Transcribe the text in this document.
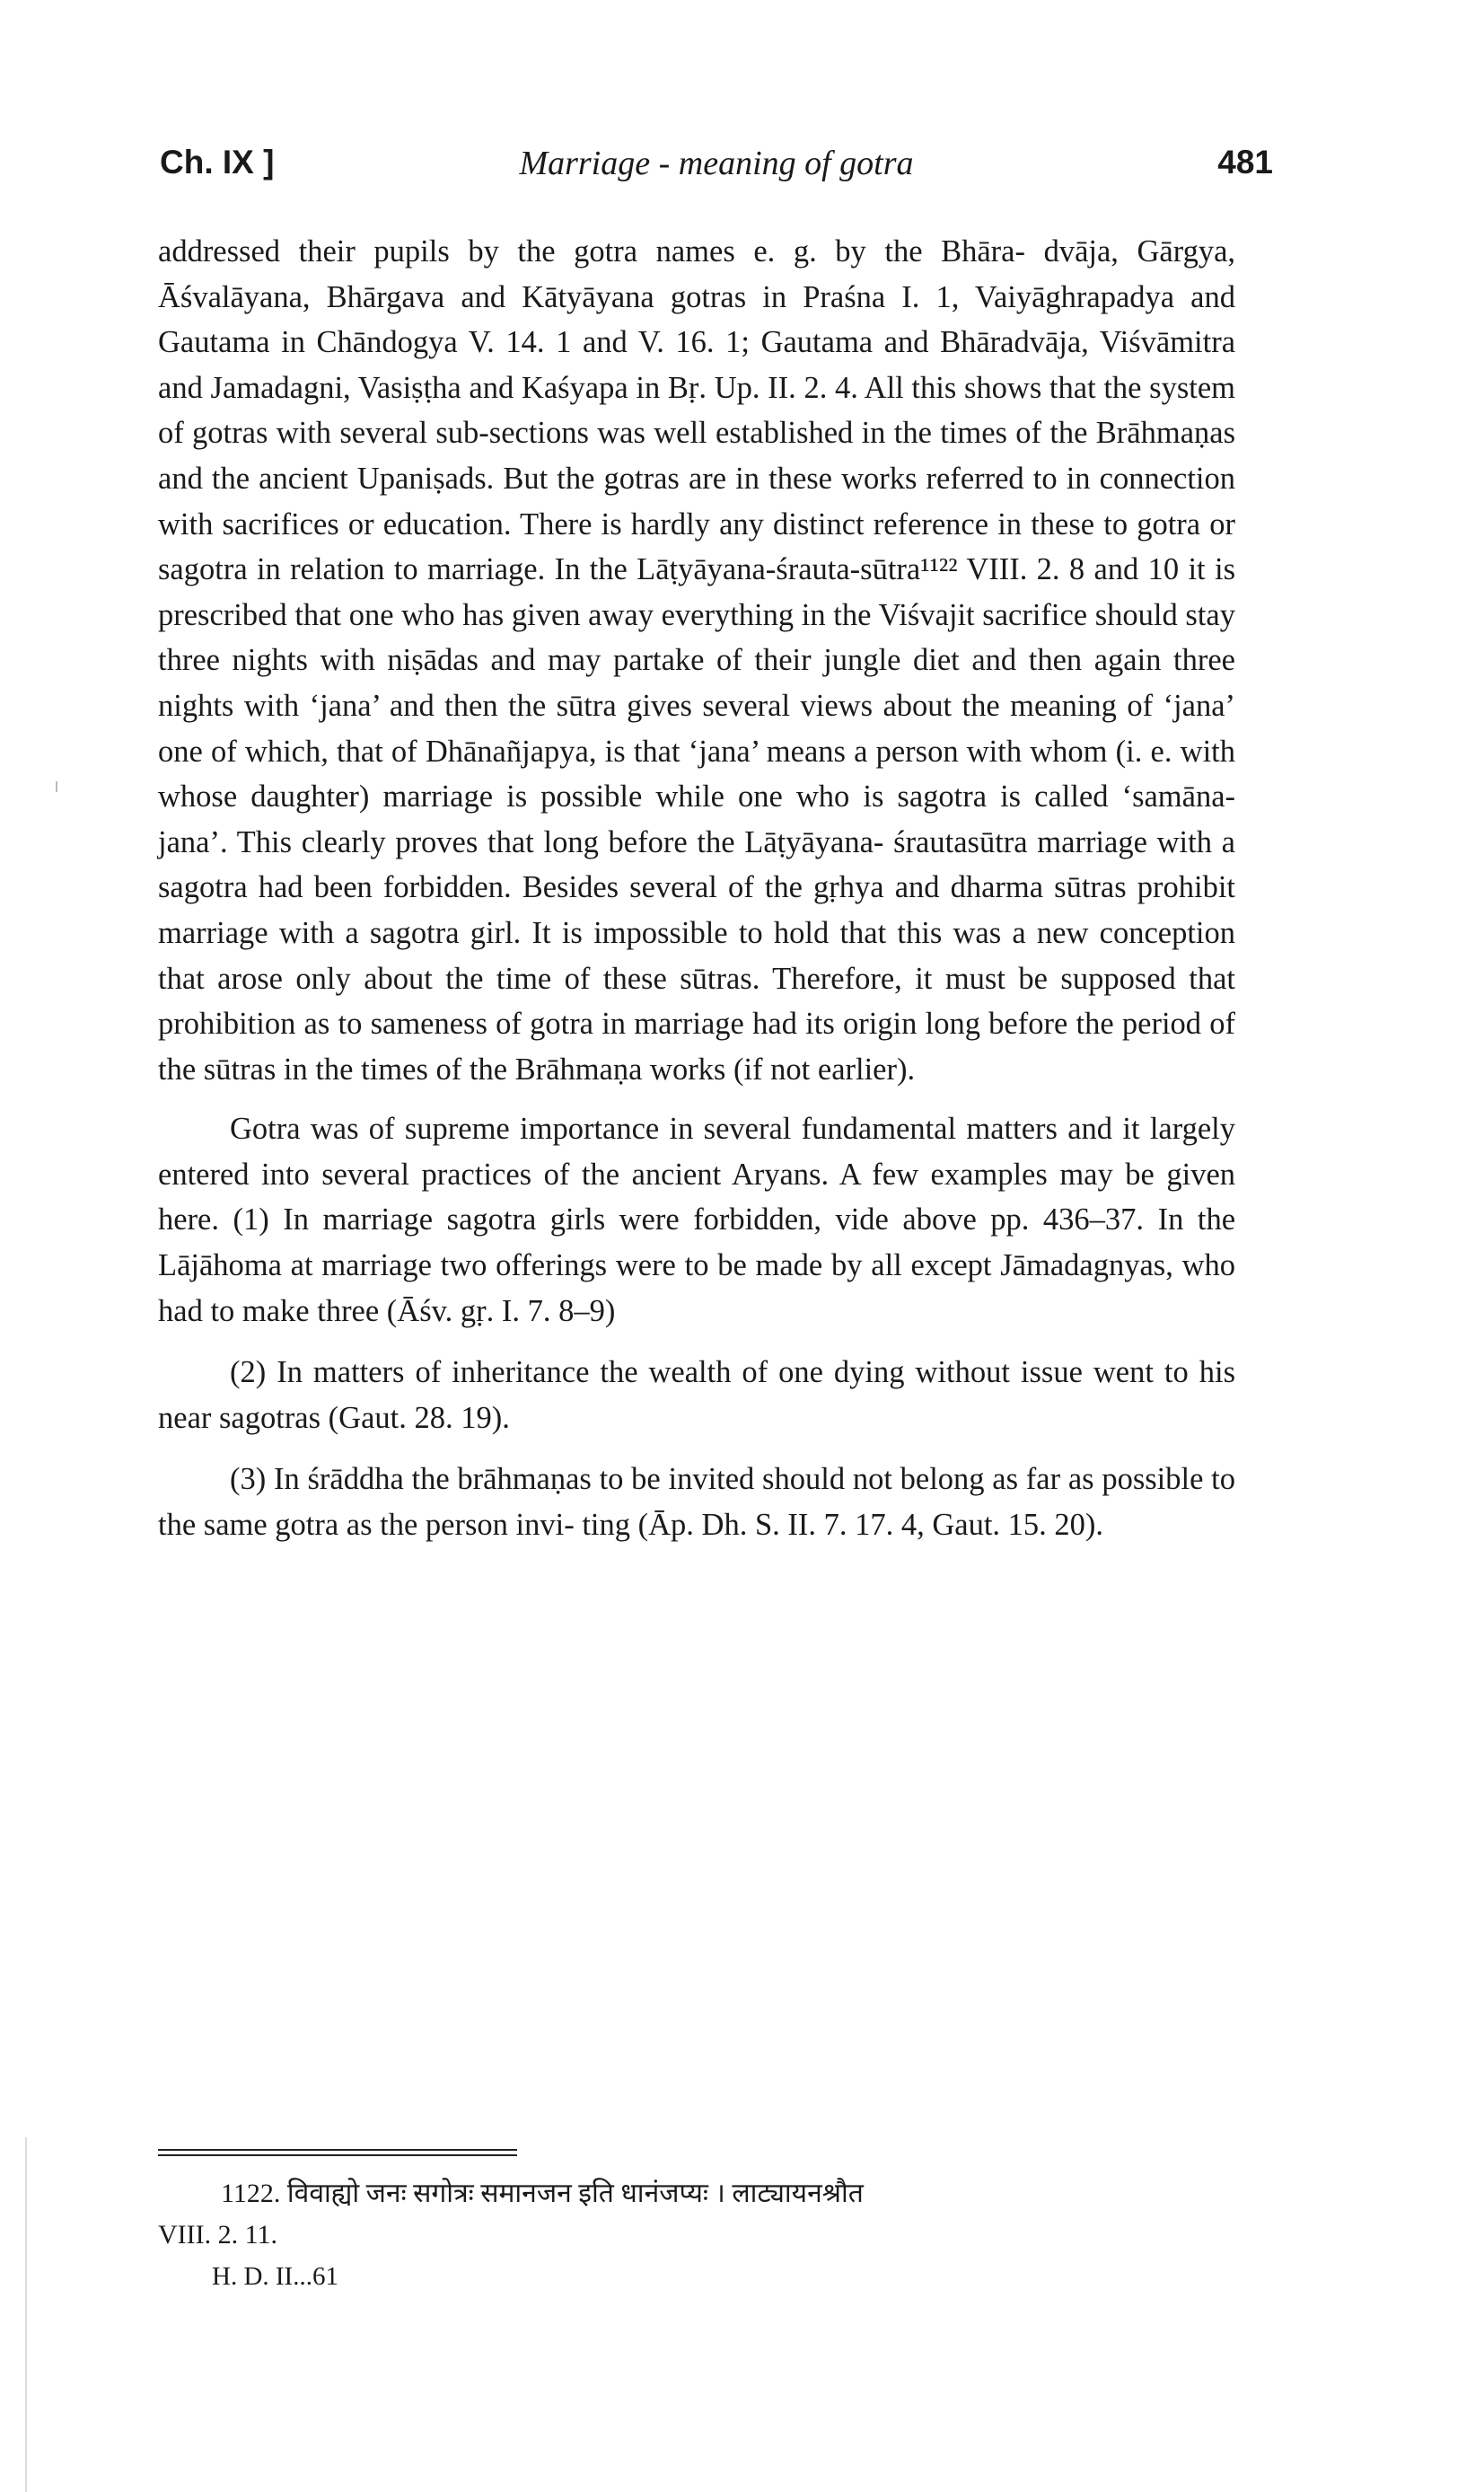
Ch. IX ]	Marriage - meaning of gotra	481

addressed their pupils by the gotra names e. g. by the Bhāra- dvāja, Gārgya, Āśvalāyana, Bhārgava and Kātyāyana gotras in Praśna I. 1, Vaiyāghrapadya and Gautama in Chāndogya V. 14. 1 and V. 16. 1; Gautama and Bhāradvāja, Viśvāmitra and Jamadagni, Vasiṣṭha and Kaśyapa in Bṛ. Up. II. 2. 4. All this shows that the system of gotras with several sub-sections was well established in the times of the Brāhmaṇas and the ancient Upaniṣads. But the gotras are in these works referred to in connection with sacrifices or education. There is hardly any distinct reference in these to gotra or sagotra in relation to marriage. In the Lāṭyāyana-śrauta-sūtra¹¹²² VIII. 2. 8 and 10 it is prescribed that one who has given away everything in the Viśvajit sacrifice should stay three nights with niṣādas and may partake of their jungle diet and then again three nights with ‘jana’ and then the sūtra gives several views about the meaning of ‘jana’ one of which, that of Dhānañjapya, is that ‘jana’ means a person with whom (i. e. with whose daughter) marriage is possible while one who is sagotra is called ‘samāna- jana’. This clearly proves that long before the Lāṭyāyana- śrautasūtra marriage with a sagotra had been forbidden. Besides several of the gṛhya and dharma sūtras prohibit marriage with a sagotra girl. It is impossible to hold that this was a new conception that arose only about the time of these sūtras. Therefore, it must be supposed that prohibition as to sameness of gotra in marriage had its origin long before the period of the sūtras in the times of the Brāhmaṇa works (if not earlier).

Gotra was of supreme importance in several fundamental matters and it largely entered into several practices of the ancient Aryans. A few examples may be given here. (1) In marriage sagotra girls were forbidden, vide above pp. 436–37. In the Lājāhoma at marriage two offerings were to be made by all except Jāmadagnyas, who had to make three (Āśv. gṛ. I. 7. 8–9)

(2) In matters of inheritance the wealth of one dying without issue went to his near sagotras (Gaut. 28. 19).

(3) In śrāddha the brāhmaṇas to be invited should not belong as far as possible to the same gotra as the person invi- ting (Āp. Dh. S. II. 7. 17. 4, Gaut. 15. 20).

1122. विवाह्यो जनः सगोत्रः समानजन इति धानंजप्यः । लाट्यायनश्रौत
VIII. 2. 11.
H. D. II...61
